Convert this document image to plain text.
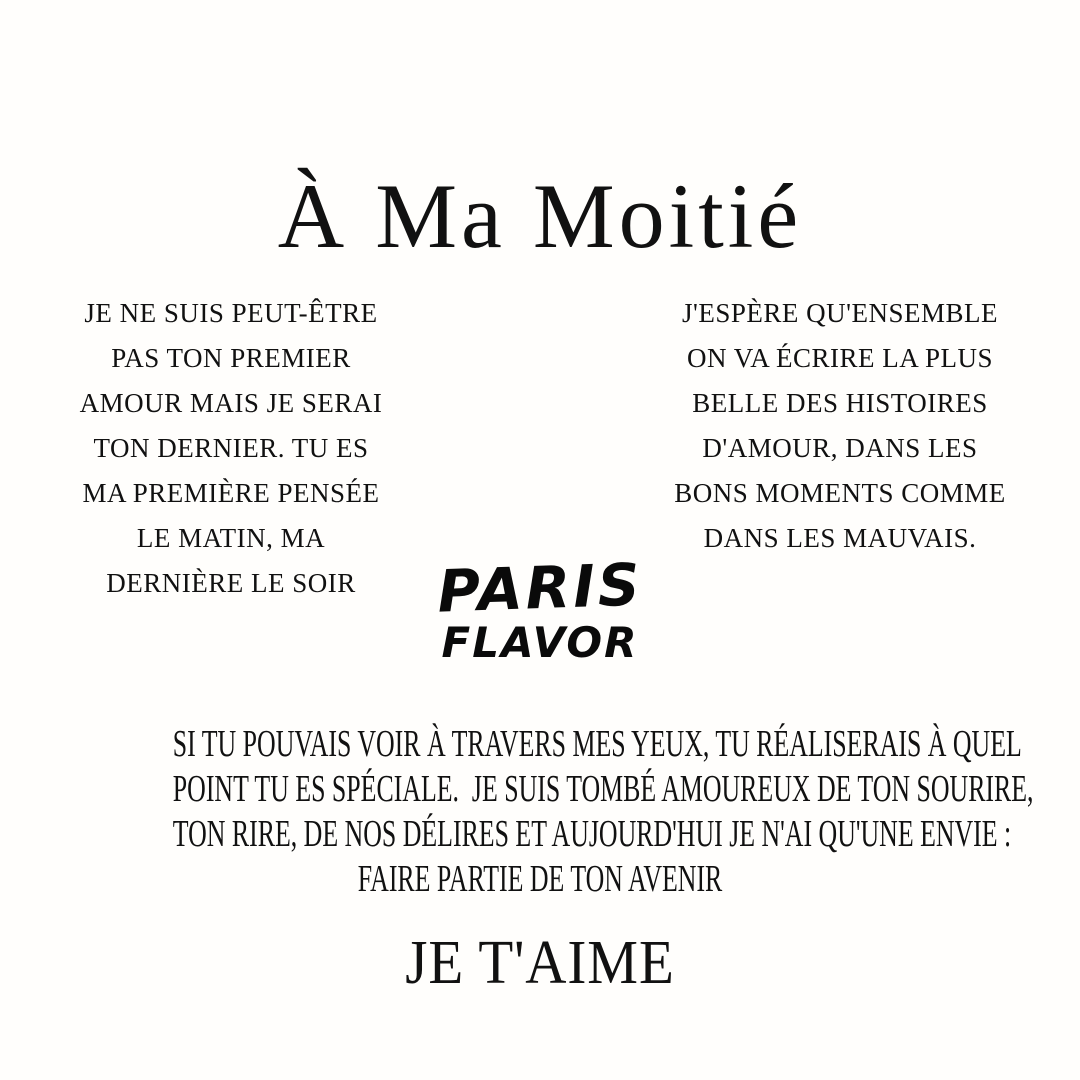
À Ma Moitié
JE NE SUIS PEUT-ÊTRE
PAS TON PREMIER
AMOUR MAIS JE SERAI
TON DERNIER. TU ES
MA PREMIÈRE PENSÉE
LE MATIN, MA
DERNIÈRE LE SOIR
J'ESPÈRE QU'ENSEMBLE
ON VA ÉCRIRE LA PLUS
BELLE DES HISTOIRES
D'AMOUR, DANS LES
BONS MOMENTS COMME
DANS LES MAUVAIS.
PARIS
FLAVOR
SI TU POUVAIS VOIR À TRAVERS MES YEUX, TU RÉALISERAIS À QUEL
POINT TU ES SPÉCIALE.  JE SUIS TOMBÉ AMOUREUX DE TON SOURIRE,
TON RIRE, DE NOS DÉLIRES ET AUJOURD'HUI JE N'AI QU'UNE ENVIE :
FAIRE PARTIE DE TON AVENIR
JE T'AIME
